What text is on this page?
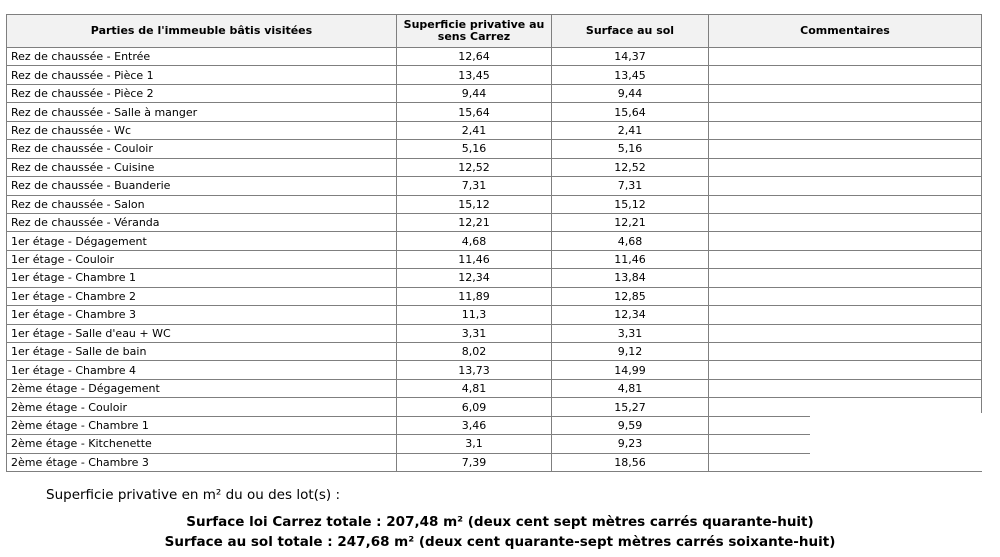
Parties de l'immeuble bâtis visitées	Superficie privative au sens Carrez	Surface au sol	Commentaires
Rez de chaussée - Entrée	12,64	14,37	
Rez de chaussée - Pièce 1	13,45	13,45	
Rez de chaussée - Pièce 2	9,44	9,44	
Rez de chaussée - Salle à manger	15,64	15,64	
Rez de chaussée - Wc	2,41	2,41	
Rez de chaussée - Couloir	5,16	5,16	
Rez de chaussée - Cuisine	12,52	12,52	
Rez de chaussée - Buanderie	7,31	7,31	
Rez de chaussée - Salon	15,12	15,12	
Rez de chaussée - Véranda	12,21	12,21	
1er étage - Dégagement	4,68	4,68	
1er étage - Couloir	11,46	11,46	
1er étage - Chambre 1	12,34	13,84	
1er étage - Chambre 2	11,89	12,85	
1er étage - Chambre 3	11,3	12,34	
1er étage - Salle d'eau + WC	3,31	3,31	
1er étage - Salle de bain	8,02	9,12	
1er étage - Chambre 4	13,73	14,99	
2ème étage - Dégagement	4,81	4,81	
2ème étage - Couloir	6,09	15,27	
2ème étage - Chambre 1	3,46	9,59	
2ème étage - Kitchenette	3,1	9,23	
2ème étage - Chambre 3	7,39	18,56	
Superficie privative en m² du ou des lot(s) :
Surface loi Carrez totale : 207,48 m² (deux cent sept mètres carrés quarante-huit)
Surface au sol totale : 247,68 m² (deux cent quarante-sept mètres carrés soixante-huit)
